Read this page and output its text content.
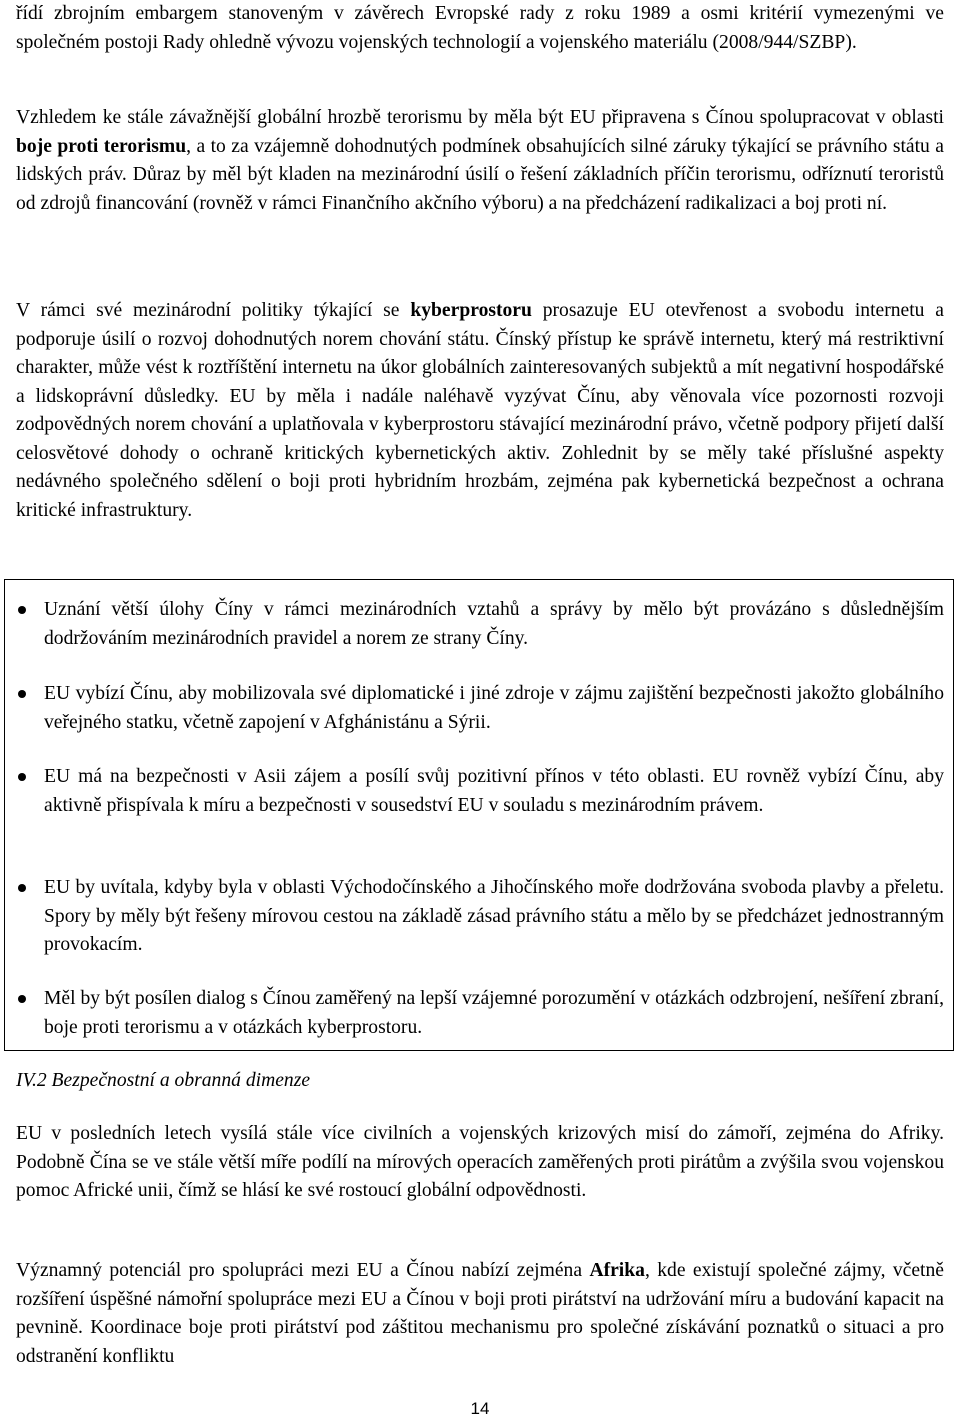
řídí zbrojním embargem stanoveným v závěrech Evropské rady z roku 1989 a osmi kritérií vymezenými ve společném postoji Rady ohledně vývozu vojenských technologií a vojenského materiálu (2008/944/SZBP).

Vzhledem ke stále závažnější globální hrozbě terorismu by měla být EU připravena s Čínou spolupracovat v oblasti boje proti terorismu, a to za vzájemně dohodnutých podmínek obsahujících silné záruky týkající se právního státu a lidských práv. Důraz by měl být kladen na mezinárodní úsilí o řešení základních příčin terorismu, odříznutí teroristů od zdrojů financování (rovněž v rámci Finančního akčního výboru) a na předcházení radikalizaci a boj proti ní.

V rámci své mezinárodní politiky týkající se kyberprostoru prosazuje EU otevřenost a svobodu internetu a podporuje úsilí o rozvoj dohodnutých norem chování státu. Čínský přístup ke správě internetu, který má restriktivní charakter, může vést k roztříštění internetu na úkor globálních zainteresovaných subjektů a mít negativní hospodářské a lidskoprávní důsledky. EU by měla i nadále naléhavě vyzývat Čínu, aby věnovala více pozornosti rozvoji zodpovědných norem chování a uplatňovala v kyberprostoru stávající mezinárodní právo, včetně podpory přijetí další celosvětové dohody o ochraně kritických kybernetických aktiv. Zohlednit by se měly také příslušné aspekty nedávného společného sdělení o boji proti hybridním hrozbám, zejména pak kybernetická bezpečnost a ochrana kritické infrastruktury.

Uznání větší úlohy Číny v rámci mezinárodních vztahů a správy by mělo být provázáno s důslednějším dodržováním mezinárodních pravidel a norem ze strany Číny.

EU vybízí Čínu, aby mobilizovala své diplomatické i jiné zdroje v zájmu zajištění bezpečnosti jakožto globálního veřejného statku, včetně zapojení v Afghánistánu a Sýrii.

EU má na bezpečnosti v Asii zájem a posílí svůj pozitivní přínos v této oblasti. EU rovněž vybízí Čínu, aby aktivně přispívala k míru a bezpečnosti v sousedství EU v souladu s mezinárodním právem.

EU by uvítala, kdyby byla v oblasti Východočínského a Jihočínského moře dodržována svoboda plavby a přeletu. Spory by měly být řešeny mírovou cestou na základě zásad právního státu a mělo by se předcházet jednostranným provokacím.

Měl by být posílen dialog s Čínou zaměřený na lepší vzájemné porozumění v otázkách odzbrojení, nešíření zbraní, boje proti terorismu a v otázkách kyberprostoru.

IV.2 Bezpečnostní a obranná dimenze

EU v posledních letech vysílá stále více civilních a vojenských krizových misí do zámoří, zejména do Afriky. Podobně Čína se ve stále větší míře podílí na mírových operacích zaměřených proti pirátům a zvýšila svou vojenskou pomoc Africké unii, čímž se hlásí ke své rostoucí globální odpovědnosti.

Významný potenciál pro spolupráci mezi EU a Čínou nabízí zejména Afrika, kde existují společné zájmy, včetně rozšíření úspěšné námořní spolupráce mezi EU a Čínou v boji proti pirátství na udržování míru a budování kapacit na pevnině. Koordinace boje proti pirátství pod záštitou mechanismu pro společné získávání poznatků o situaci a pro odstranění konfliktu

14
